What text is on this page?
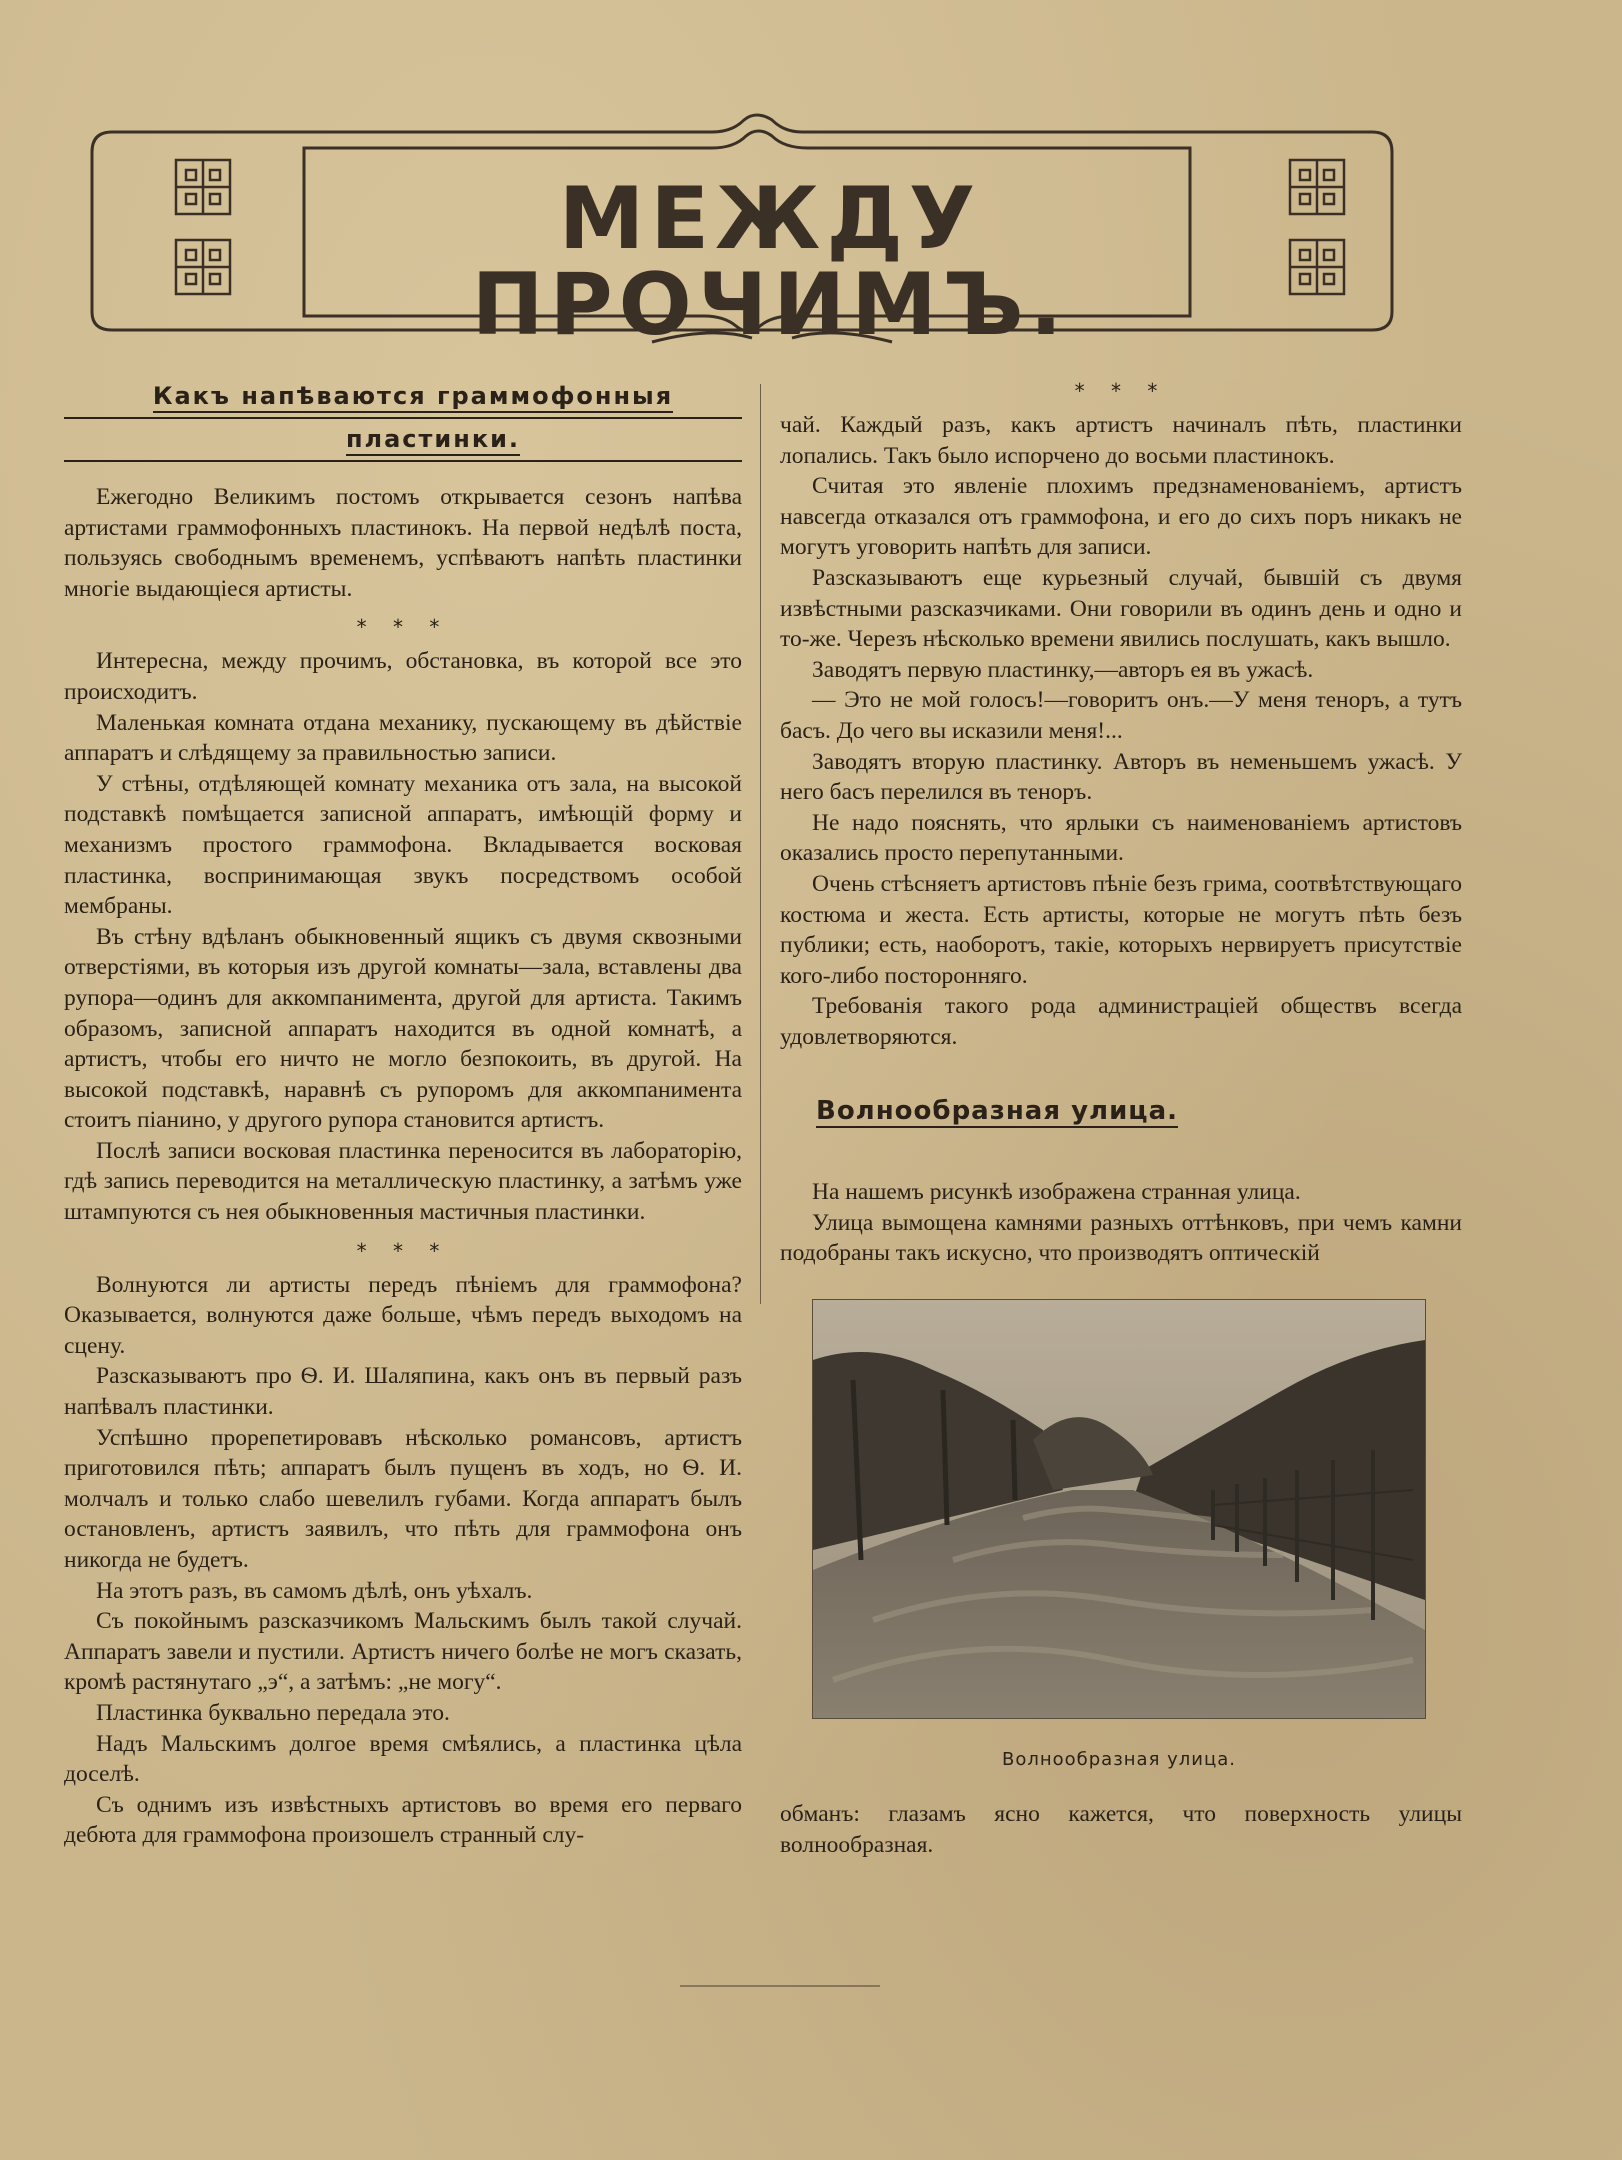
МЕЖДУ ПРОЧИМЪ.
Какъ напѣваются граммофонныя
пластинки.

Ежегодно Великимъ постомъ открывается сезонъ напѣва артистами граммофонныхъ пластинокъ. На первой недѣлѣ поста, пользуясь свободнымъ временемъ, успѣваютъ напѣть пластинки многіе выдающіеся артисты.

* * *

Интересна, между прочимъ, обстановка, въ которой все это происходитъ.

Маленькая комната отдана механику, пускающему въ дѣйствіе аппаратъ и слѣдящему за правильностью записи.

У стѣны, отдѣляющей комнату механика отъ зала, на высокой подставкѣ помѣщается записной аппаратъ, имѣющій форму и механизмъ простого граммофона. Вкладывается восковая пластинка, воспринимающая звукъ посредствомъ особой мембраны.

Въ стѣну вдѣланъ обыкновенный ящикъ съ двумя сквозными отверстіями, въ которыя изъ другой комнаты—зала, вставлены два рупора—одинъ для аккомпанимента, другой для артиста. Такимъ образомъ, записной аппаратъ находится въ одной комнатѣ, а артистъ, чтобы его ничто не могло безпокоить, въ другой. На высокой подставкѣ, наравнѣ съ рупоромъ для аккомпанимента стоитъ піанино, у другого рупора становится артистъ.

Послѣ записи восковая пластинка переносится въ лабораторію, гдѣ запись переводится на металлическую пластинку, а затѣмъ уже штампуются съ нея обыкновенныя мастичныя пластинки.

* * *

Волнуются ли артисты передъ пѣніемъ для граммофона? Оказывается, волнуются даже больше, чѣмъ передъ выходомъ на сцену.

Разсказываютъ про Ѳ. И. Шаляпина, какъ онъ въ первый разъ напѣвалъ пластинки.

Успѣшно прорепетировавъ нѣсколько романсовъ, артистъ приготовился пѣть; аппаратъ былъ пущенъ въ ходъ, но Ѳ. И. молчалъ и только слабо шевелилъ губами. Когда аппаратъ былъ остановленъ, артистъ заявилъ, что пѣть для граммофона онъ никогда не будетъ.

На этотъ разъ, въ самомъ дѣлѣ, онъ уѣхалъ.

Съ покойнымъ разсказчикомъ Мальскимъ былъ такой случай. Аппаратъ завели и пустили. Артистъ ничего болѣе не могъ сказать, кромѣ растянутаго „э“, а затѣмъ: „не могу“.

Пластинка буквально передала это.

Надъ Мальскимъ долгое время смѣялись, а пластинка цѣла доселѣ.

Съ однимъ изъ извѣстныхъ артистовъ во время его перваго дебюта для граммофона произошелъ странный слу-

* * *

чай. Каждый разъ, какъ артистъ начиналъ пѣть, пластинки лопались. Такъ было испорчено до восьми пластинокъ.

Считая это явленіе плохимъ предзнаменованіемъ, артистъ навсегда отказался отъ граммофона, и его до сихъ поръ никакъ не могутъ уговорить напѣть для записи.

Разсказываютъ еще курьезный случай, бывшій съ двумя извѣстными разсказчиками. Они говорили въ одинъ день и одно и то-же. Черезъ нѣсколько времени явились послушать, какъ вышло.

Заводятъ первую пластинку,—авторъ ея въ ужасѣ.

— Это не мой голосъ!—говоритъ онъ.—У меня теноръ, а тутъ басъ. До чего вы исказили меня!...

Заводятъ вторую пластинку. Авторъ въ неменьшемъ ужасѣ. У него басъ перелился въ теноръ.

Не надо пояснять, что ярлыки съ наименованіемъ артистовъ оказались просто перепутанными.

Очень стѣсняетъ артистовъ пѣніе безъ грима, соотвѣтствующаго костюма и жеста. Есть артисты, которые не могутъ пѣть безъ публики; есть, наоборотъ, такіе, которыхъ нервируетъ присутствіе кого-либо посторонняго.

Требованія такого рода администраціей обществъ всегда удовлетворяются.

Волнообразная улица.

На нашемъ рисункѣ изображена странная улица.

Улица вымощена камнями разныхъ оттѣнковъ, при чемъ камни подобраны такъ искусно, что производятъ оптическій

Волнообразная улица.

обманъ: глазамъ ясно кажется, что поверхность улицы волнообразная.
